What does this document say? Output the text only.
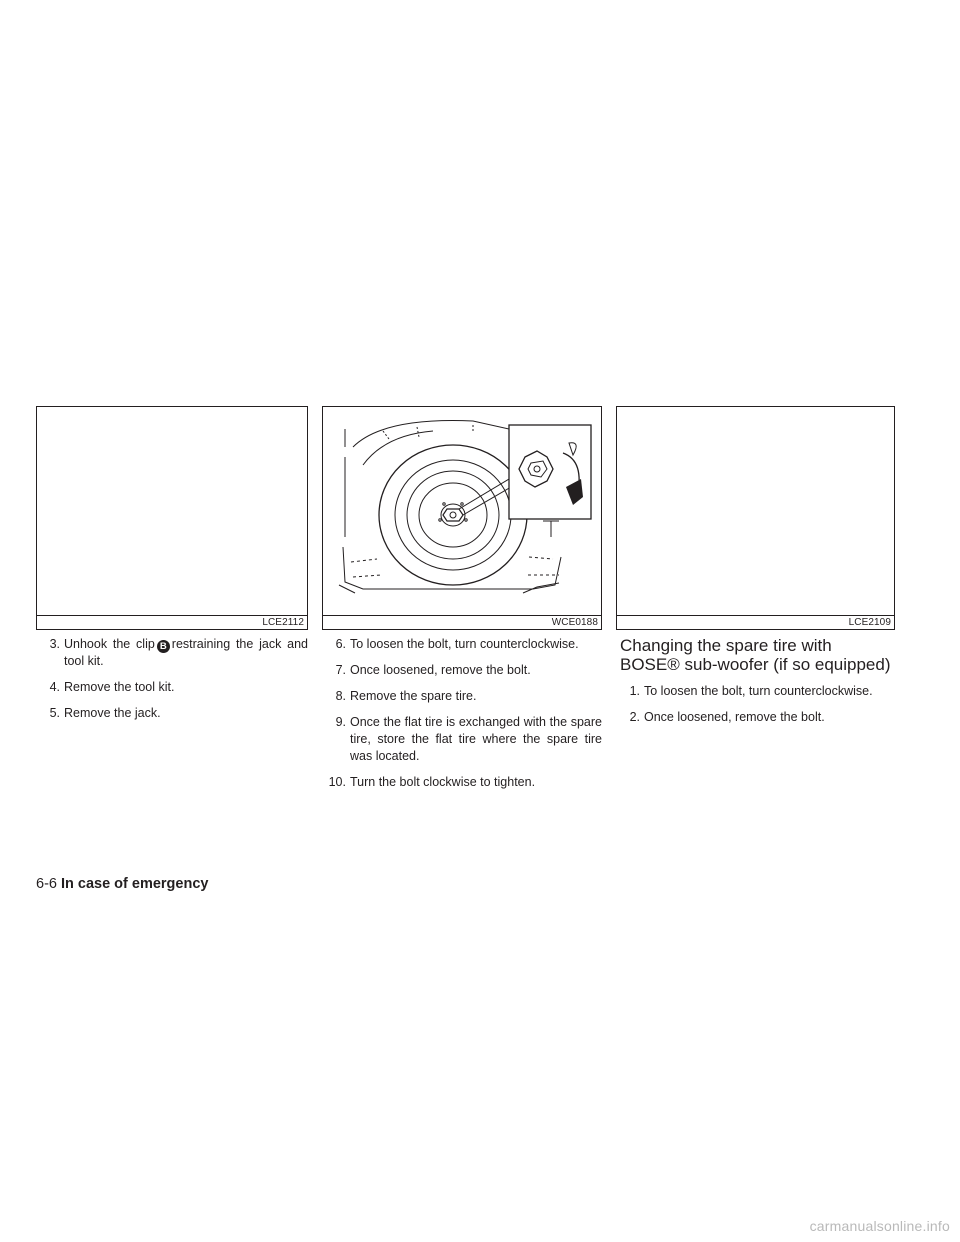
LCE2112	WCE0188	LCE2109
3. Unhook the clip B restraining the jack and tool kit.
4. Remove the tool kit.
5. Remove the jack.
6. To loosen the bolt, turn counterclockwise.
7. Once loosened, remove the bolt.
8. Remove the spare tire.
9. Once the flat tire is exchanged with the spare tire, store the flat tire where the spare tire was located.
10. Turn the bolt clockwise to tighten.
Changing the spare tire with BOSE® sub-woofer (if so equipped)
1. To loosen the bolt, turn counterclockwise.
2. Once loosened, remove the bolt.
6-6 In case of emergency
carmanualsonline.info
